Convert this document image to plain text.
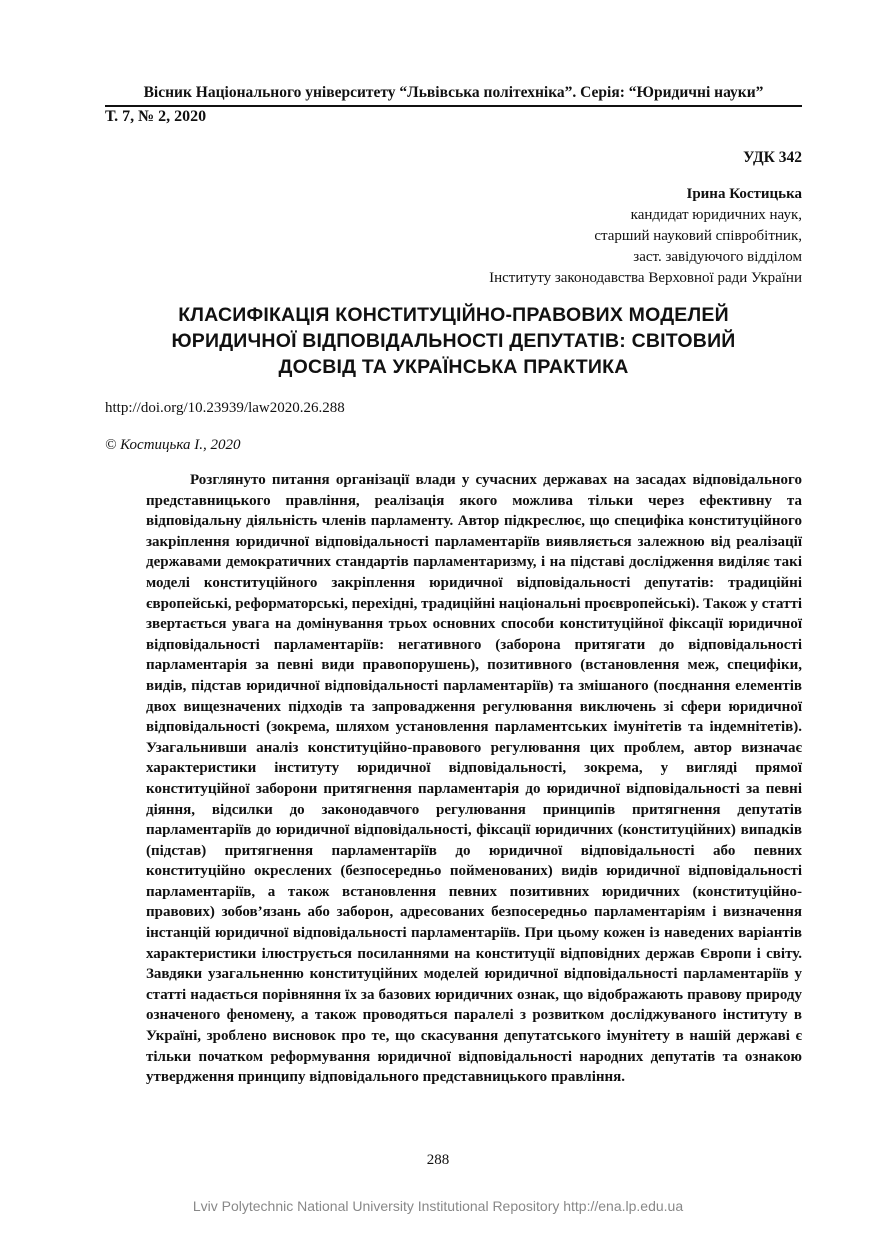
Вісник Національного університету “Львівська політехніка”. Серія: “Юридичні науки”
Т. 7, № 2, 2020
УДК 342
Ірина Костицька
кандидат юридичних наук,
старший науковий співробітник,
заст. завідуючого відділом
Інституту законодавства Верховної ради України
КЛАСИФІКАЦІЯ КОНСТИТУЦІЙНО-ПРАВОВИХ МОДЕЛЕЙ
ЮРИДИЧНОЇ ВІДПОВІДАЛЬНОСТІ ДЕПУТАТІВ: СВІТОВИЙ
ДОСВІД ТА УКРАЇНСЬКА ПРАКТИКА
http://doi.org/10.23939/law2020.26.288
© Костицька І., 2020
Розглянуто питання організації влади у сучасних державах на засадах відповідального представницького правління, реалізація якого можлива тільки через ефективну та відповідальну діяльність членів парламенту. Автор підкреслює, що специфіка конституційного закріплення юридичної відповідальності парламентаріїв виявляється залежною від реалізації державами демократичних стандартів парламентаризму, і на підставі дослідження виділяє такі моделі конституційного закріплення юридичної відповідальності депутатів: традиційні європейські, реформаторські, перехідні, традиційні національні проєвропейські). Також у статті звертається увага на домінування трьох основних способи конституційної фіксації юридичної відповідальності парламентаріїв: негативного (заборона притягати до відповідальності парламентарія за певні види правопорушень), позитивного (встановлення меж, специфіки, видів, підстав юридичної відповідальності парламентаріїв) та змішаного (поєднання елементів двох вищезначених підходів та запровадження регулювання виключень зі сфери юридичної відповідальності (зокрема, шляхом установлення парламентських імунітетів та індемнітетів). Узагальнивши аналіз конституційно-правового регулювання цих проблем, автор визначає характеристики інституту юридичної відповідальності, зокрема, у вигляді прямої конституційної заборони притягнення парламентарія до юридичної відповідальності за певні діяння, відсилки до законодавчого регулювання принципів притягнення депутатів парламентаріїв до юридичної відповідальності, фіксації юридичних (конституційних) випадків (підстав) притягнення парламентаріїв до юридичної відповідальності або певних конституційно окреслених (безпосередньо пойменованих) видів юридичної відповідальності парламентаріїв, а також встановлення певних позитивних юридичних (конституційно-правових) зобов’язань або заборон, адресованих безпосередньо парламентаріям і визначення інстанцій юридичної відповідальності парламентаріїв. При цьому кожен із наведених варіантів характеристики ілюструється посиланнями на конституції відповідних держав Європи і світу. Завдяки узагальненню конституційних моделей юридичної відповідальності парламентаріїв у статті надається порівняння їх за базових юридичних ознак, що відображають правову природу означеного феномену, а також проводяться паралелі з розвитком досліджуваного інституту в Україні, зроблено висновок про те, що скасування депутатського імунітету в нашій державі є тільки початком реформування юридичної відповідальності народних депутатів та ознакою утвердження принципу відповідального представницького правління.
288
Lviv Polytechnic National University Institutional Repository http://ena.lp.edu.ua
